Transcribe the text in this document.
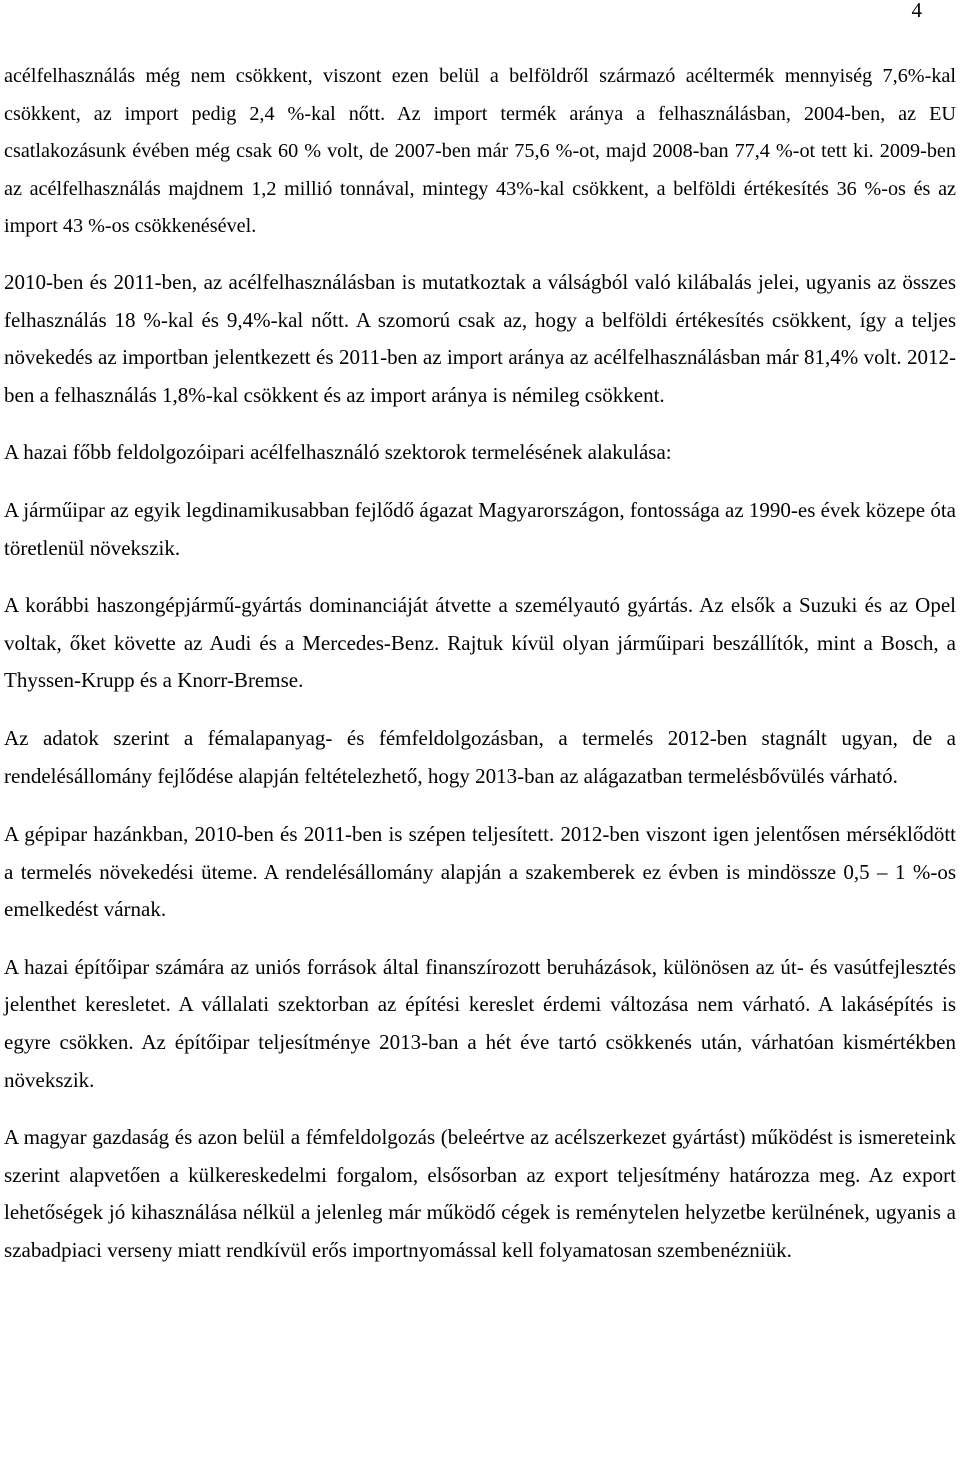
4

acélfelhasználás még nem csökkent, viszont ezen belül a belföldről származó acéltermék mennyiség 7,6%-kal csökkent, az import pedig 2,4 %-kal nőtt. Az import termék aránya a felhasználásban, 2004-ben, az EU csatlakozásunk évében még csak 60 % volt, de 2007-ben már 75,6 %-ot, majd 2008-ban 77,4 %-ot tett ki. 2009-ben az acélfelhasználás majdnem 1,2 millió tonnával, mintegy 43%-kal csökkent, a belföldi értékesítés 36 %-os és az import 43 %-os csökkenésével.

2010-ben és 2011-ben, az acélfelhasználásban is mutatkoztak a válságból való kilábalás jelei, ugyanis az összes felhasználás 18 %-kal és 9,4%-kal nőtt. A szomorú csak az, hogy a belföldi értékesítés csökkent, így a teljes növekedés az importban jelentkezett és 2011-ben az import aránya az acélfelhasználásban már 81,4% volt. 2012-ben a felhasználás 1,8%-kal csökkent és az import aránya is némileg csökkent.

A hazai főbb feldolgozóipari acélfelhasználó szektorok termelésének alakulása:

A járműipar az egyik legdinamikusabban fejlődő ágazat Magyarországon, fontossága az 1990-es évek közepe óta töretlenül növekszik.

A korábbi haszongépjármű-gyártás dominanciáját átvette a személyautó gyártás. Az elsők a Suzuki és az Opel voltak, őket követte az Audi és a Mercedes-Benz. Rajtuk kívül olyan járműipari beszállítók, mint a Bosch, a Thyssen-Krupp és a Knorr-Bremse.

Az adatok szerint a fémalapanyag- és fémfeldolgozásban, a termelés 2012-ben stagnált ugyan, de a rendelésállomány fejlődése alapján feltételezhető, hogy 2013-ban az alágazatban termelésbővülés várható.

A gépipar hazánkban, 2010-ben és 2011-ben is szépen teljesített. 2012-ben viszont igen jelentősen mérséklődött a termelés növekedési üteme. A rendelésállomány alapján a szakemberek ez évben is mindössze 0,5 – 1 %-os emelkedést várnak.

A hazai építőipar számára az uniós források által finanszírozott beruházások, különösen az út- és vasútfejlesztés jelenthet keresletet. A vállalati szektorban az építési kereslet érdemi változása nem várható. A lakásépítés is egyre csökken. Az építőipar teljesítménye 2013-ban a hét éve tartó csökkenés után, várhatóan kismértékben növekszik.

A magyar gazdaság és azon belül a fémfeldolgozás (beleértve az acélszerkezet gyártást) működést is ismereteink szerint alapvetően a külkereskedelmi forgalom, elsősorban az export teljesítmény határozza meg. Az export lehetőségek jó kihasználása nélkül a jelenleg már működő cégek is reménytelen helyzetbe kerülnének, ugyanis a szabadpiaci verseny miatt rendkívül erős importnyomással kell folyamatosan szembenézniük.
